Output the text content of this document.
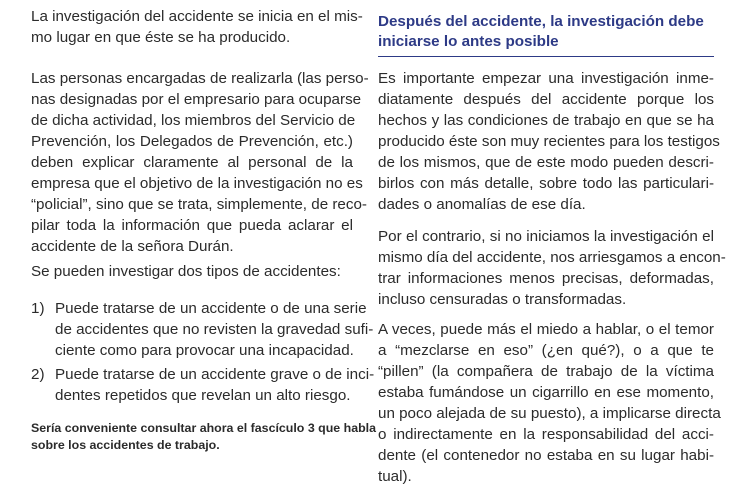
La investigación del accidente se inicia en el mis-
mo lugar en que éste se ha producido.

Las personas encargadas de realizarla (las perso-
nas designadas por el empresario para ocuparse
de dicha actividad, los miembros del Servicio de
Prevención, los Delegados de Prevención, etc.)
deben explicar claramente al personal de la
empresa que el objetivo de la investigación no es
“policial”, sino que se trata, simplemente, de reco-
pilar toda la información que pueda aclarar el
accidente de la señora Durán.

Se pueden investigar dos tipos de accidentes:

1) Puede tratarse de un accidente o de una serie
de accidentes que no revisten la gravedad sufi-
ciente como para provocar una incapacidad.
2) Puede tratarse de un accidente grave o de inci-
dentes repetidos que revelan un alto riesgo.

Sería conveniente consultar ahora el fascículo 3 que habla
sobre los accidentes de trabajo.

Después del accidente, la investigación debe
iniciarse lo antes posible

Es importante empezar una investigación inme-
diatamente después del accidente porque los
hechos y las condiciones de trabajo en que se ha
producido éste son muy recientes para los testigos
de los mismos, que de este modo pueden descri-
birlos con más detalle, sobre todo las particulari-
dades o anomalías de ese día.

Por el contrario, si no iniciamos la investigación el
mismo día del accidente, nos arriesgamos a encon-
trar informaciones menos precisas, deformadas,
incluso censuradas o transformadas.

A veces, puede más el miedo a hablar, o el temor
a “mezclarse en eso” (¿en qué?), o a que te
“pillen” (la compañera de trabajo de la víctima
estaba fumándose un cigarrillo en ese momento,
un poco alejada de su puesto), a implicarse directa
o indirectamente en la responsabilidad del acci-
dente (el contenedor no estaba en su lugar habi-
tual).
